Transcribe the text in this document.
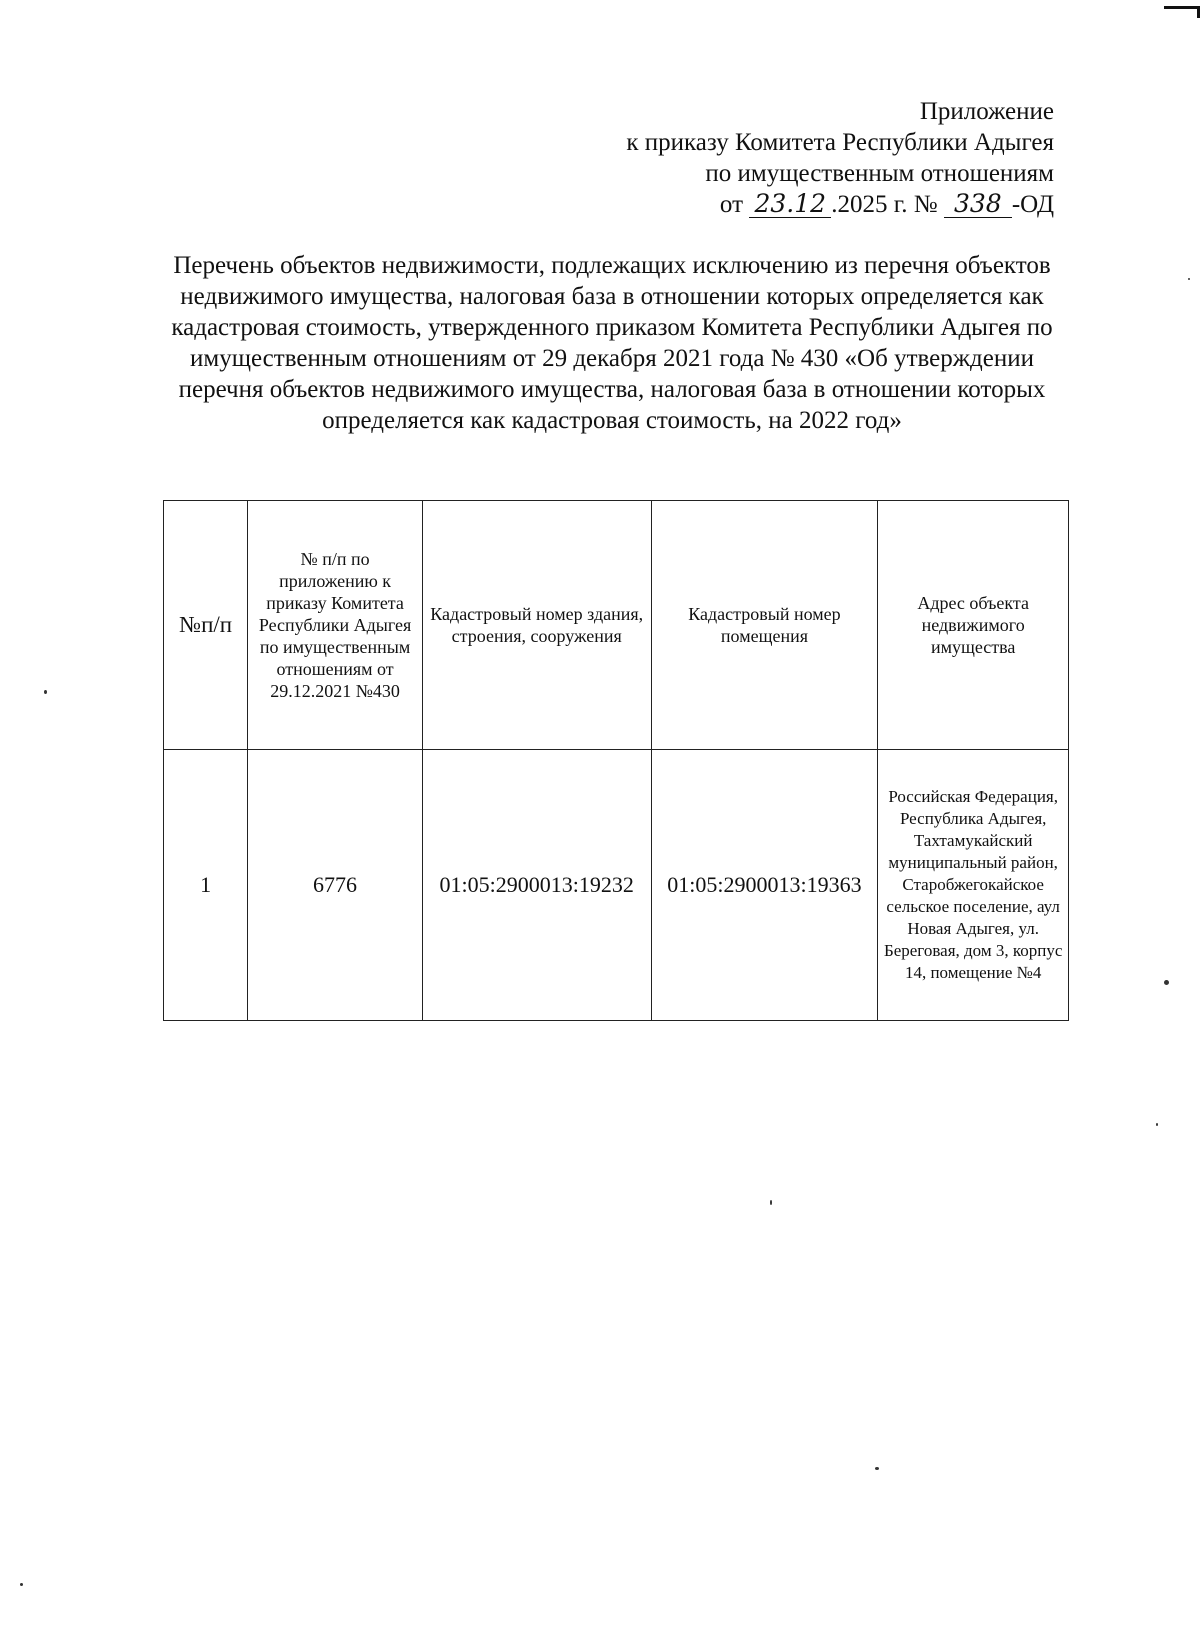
Приложение
к приказу Комитета Республики Адыгея
по имущественным отношениям
от 23.12 .2025 г. № 338 -ОД
Перечень объектов недвижимости, подлежащих исключению из перечня объектов недвижимого имущества, налоговая база в отношении которых определяется как кадастровая стоимость, утвержденного приказом Комитета Республики Адыгея по имущественным отношениям от 29 декабря 2021 года № 430 «Об утверждении перечня объектов недвижимого имущества, налоговая база в отношении которых определяется как кадастровая стоимость, на 2022 год»
№п/п	№ п/п по приложению к приказу Комитета Республики Адыгея по имущественным отношениям от 29.12.2021 №430	Кадастровый номер здания, строения, сооружения	Кадастровый номер помещения	Адрес объекта недвижимого имущества
1	6776	01:05:2900013:19232	01:05:2900013:19363	Российская Федерация, Республика Адыгея, Тахтамукайский муниципальный район, Старобжегокайское сельское поселение, аул Новая Адыгея, ул. Береговая, дом 3, корпус 14, помещение №4
